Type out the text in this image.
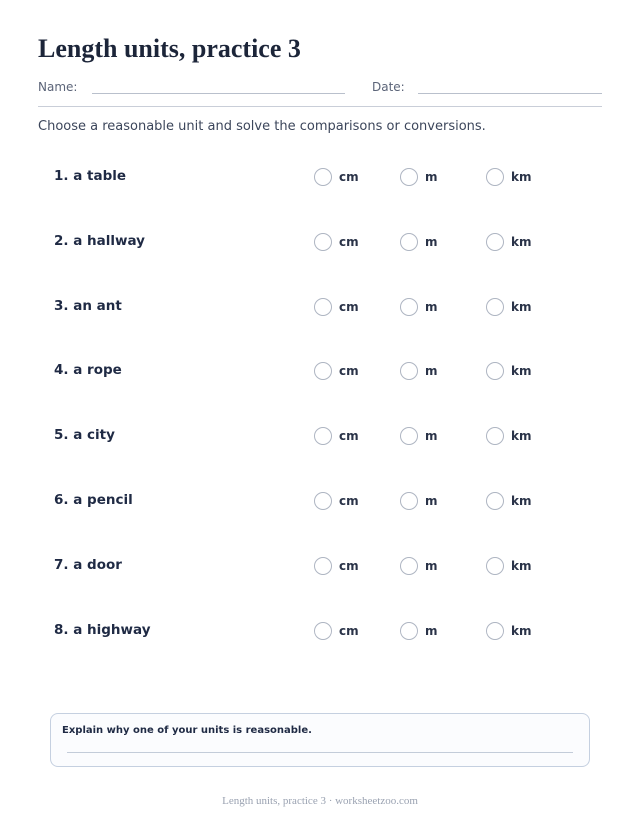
Length units, practice 3
Name:	Date:
Choose a reasonable unit and solve the comparisons or conversions.
1. a table	cm	m	km
2. a hallway	cm	m	km
3. an ant	cm	m	km
4. a rope	cm	m	km
5. a city	cm	m	km
6. a pencil	cm	m	km
7. a door	cm	m	km
8. a highway	cm	m	km
Explain why one of your units is reasonable.
Length units, practice 3 · worksheetzoo.com
